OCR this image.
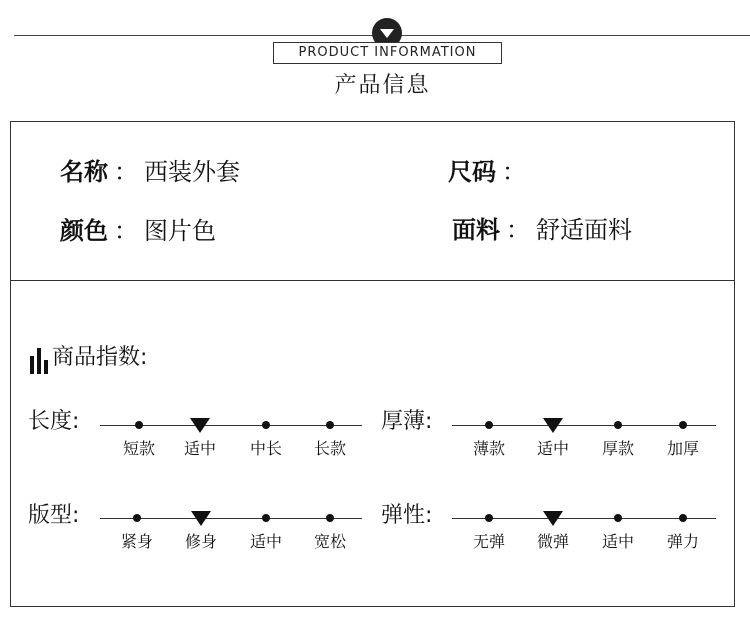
PRODUCT INFORMATION
产品信息
名称 ： 西装外套	尺码 ：
颜色 ： 图片色	面料 ： 舒适面料
商品指数:
长度:
短款	适中	中长	长款
厚薄:
薄款	适中	厚款	加厚
版型:
紧身	修身	适中	宽松
弹性:
无弹	微弹	适中	弹力
